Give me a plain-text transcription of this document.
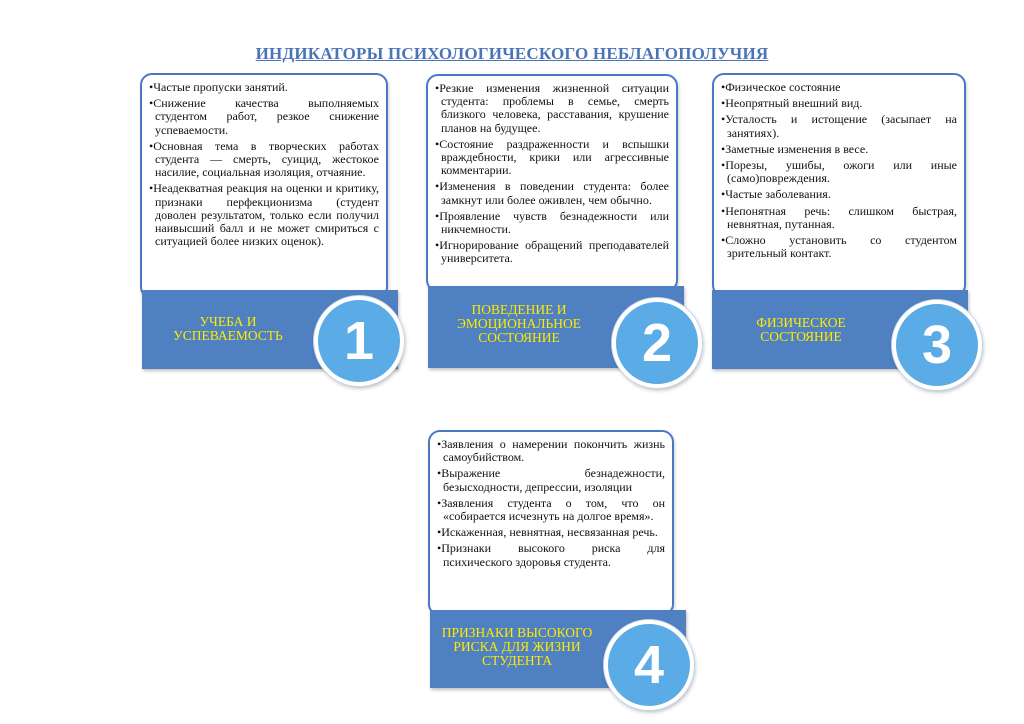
ИНДИКАТОРЫ ПСИХОЛОГИЧЕСКОГО НЕБЛАГОПОЛУЧИЯ
• Частые пропуски занятий.
• Снижение качества выполняемых студентом работ, резкое снижение успеваемости.
• Основная тема в творческих работах студента — смерть, суицид, жестокое насилие, социальная изоляция, отчаяние.
• Неадекватная реакция на оценки и критику, признаки перфекционизма (студент доволен результатом, только если получил наивысший балл и не может смириться с ситуацией более низких оценок).
УЧЕБА И
УСПЕВАЕМОСТЬ	1
• Резкие изменения жизненной ситуации студента: проблемы в семье, смерть близкого человека, расставания, крушение планов на будущее.
• Состояние раздраженности и вспышки враждебности, крики или агрессивные комментарии.
• Изменения в поведении студента: более замкнут или более оживлен, чем обычно.
• Проявление чувств безнадежности или никчемности.
• Игнорирование обращений преподавателей университета.
ПОВЕДЕНИЕ И
ЭМОЦИОНАЛЬНОЕ
СОСТОЯНИЕ	2
• Физическое состояние
• Неопрятный внешний вид.
• Усталость и истощение (засыпает на занятиях).
• Заметные изменения в весе.
• Порезы, ушибы, ожоги или иные (само)повреждения.
• Частые заболевания.
• Непонятная речь: слишком быстрая, невнятная, путанная.
• Сложно установить со студентом зрительный контакт.
ФИЗИЧЕСКОЕ
СОСТОЯНИЕ	3
• Заявления о намерении покончить жизнь самоубийством.
• Выражение безнадежности, безысходности, депрессии, изоляции
• Заявления студента о том, что он «собирается исчезнуть на долгое время».
• Искаженная, невнятная, несвязанная речь.
• Признаки высокого риска для психического здоровья студента.
ПРИЗНАКИ ВЫСОКОГО
РИСКА ДЛЯ ЖИЗНИ
СТУДЕНТА	4
